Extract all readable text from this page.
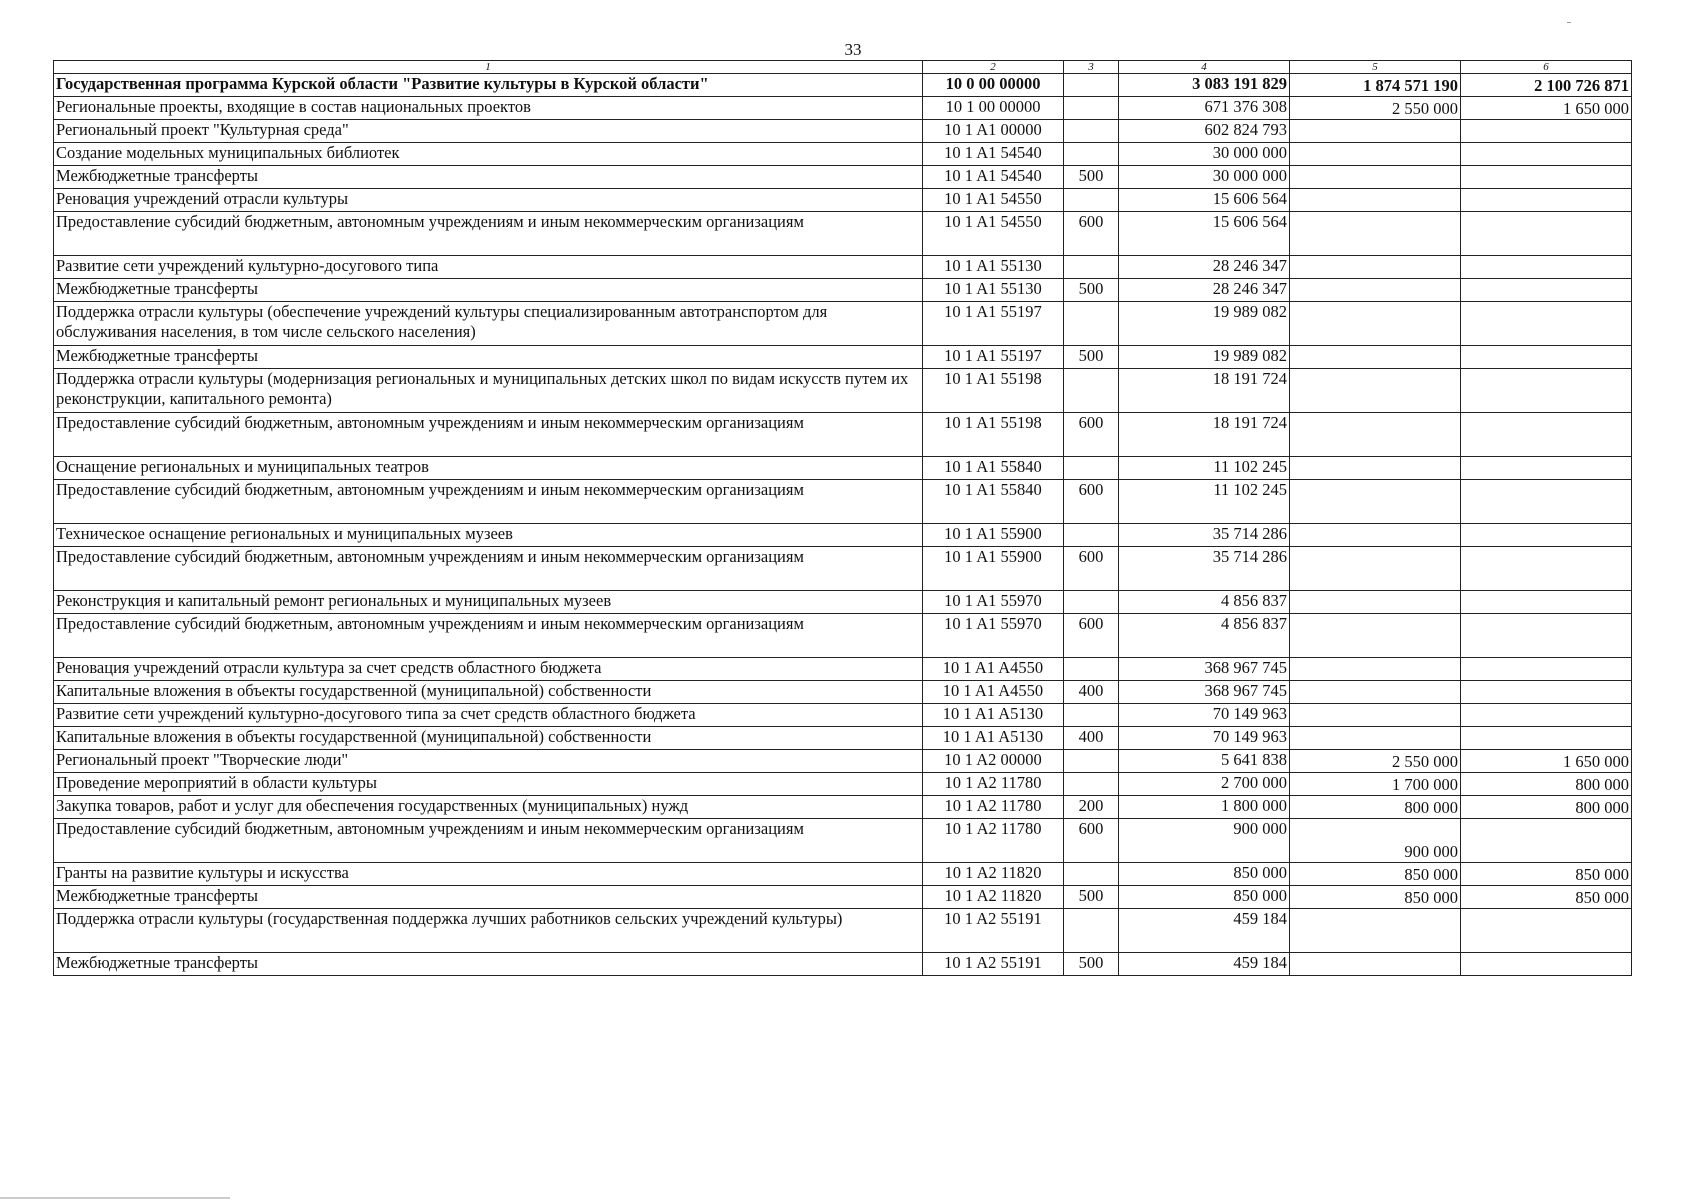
33
1	2	3	4	5	6
Государственная программа Курской области "Развитие культуры в Курской области"	10 0 00 00000		3 083 191 829	1 874 571 190	2 100 726 871
Региональные проекты, входящие в состав национальных проектов	10 1 00 00000		671 376 308	2 550 000	1 650 000
Региональный проект "Культурная среда"	10 1 A1 00000		602 824 793		
Создание модельных муниципальных библиотек	10 1 A1 54540		30 000 000		
Межбюджетные трансферты	10 1 A1 54540	500	30 000 000		
Реновация учреждений отрасли культуры	10 1 A1 54550		15 606 564		
Предоставление субсидий бюджетным, автономным учреждениям и иным некоммерческим организациям	10 1 A1 54550	600	15 606 564		
Развитие сети учреждений культурно-досугового типа	10 1 A1 55130		28 246 347		
Межбюджетные трансферты	10 1 A1 55130	500	28 246 347		
Поддержка отрасли культуры (обеспечение учреждений культуры специализированным автотранспортом для обслуживания населения, в том числе сельского населения)	10 1 A1 55197		19 989 082		
Межбюджетные трансферты	10 1 A1 55197	500	19 989 082		
Поддержка отрасли культуры (модернизация региональных и муниципальных детских школ по видам искусств путем их реконструкции, капитального ремонта)	10 1 A1 55198		18 191 724		
Предоставление субсидий бюджетным, автономным учреждениям и иным некоммерческим организациям	10 1 A1 55198	600	18 191 724		
Оснащение региональных и муниципальных театров	10 1 A1 55840		11 102 245		
Предоставление субсидий бюджетным, автономным учреждениям и иным некоммерческим организациям	10 1 A1 55840	600	11 102 245		
Техническое оснащение региональных и муниципальных музеев	10 1 A1 55900		35 714 286		
Предоставление субсидий бюджетным, автономным учреждениям и иным некоммерческим организациям	10 1 A1 55900	600	35 714 286		
Реконструкция и капитальный ремонт региональных и муниципальных музеев	10 1 A1 55970		4 856 837		
Предоставление субсидий бюджетным, автономным учреждениям и иным некоммерческим организациям	10 1 A1 55970	600	4 856 837		
Реновация учреждений отрасли культура за счет средств областного бюджета	10 1 A1 A4550		368 967 745		
Капитальные вложения в объекты государственной (муниципальной) собственности	10 1 A1 A4550	400	368 967 745		
Развитие сети учреждений культурно-досугового типа за счет средств областного бюджета	10 1 A1 A5130		70 149 963		
Капитальные вложения в объекты государственной (муниципальной) собственности	10 1 A1 A5130	400	70 149 963		
Региональный проект "Творческие люди"	10 1 A2 00000		5 641 838	2 550 000	1 650 000
Проведение мероприятий в области культуры	10 1 A2 11780		2 700 000	1 700 000	800 000
Закупка товаров, работ и услуг для обеспечения государственных (муниципальных) нужд	10 1 A2 11780	200	1 800 000	800 000	800 000
Предоставление субсидий бюджетным, автономным учреждениям и иным некоммерческим организациям	10 1 A2 11780	600	900 000	900 000	
Гранты на развитие культуры и искусства	10 1 A2 11820		850 000	850 000	850 000
Межбюджетные трансферты	10 1 A2 11820	500	850 000	850 000	850 000
Поддержка отрасли культуры (государственная поддержка лучших работников сельских учреждений культуры)	10 1 A2 55191		459 184		
Межбюджетные трансферты	10 1 A2 55191	500	459 184		
